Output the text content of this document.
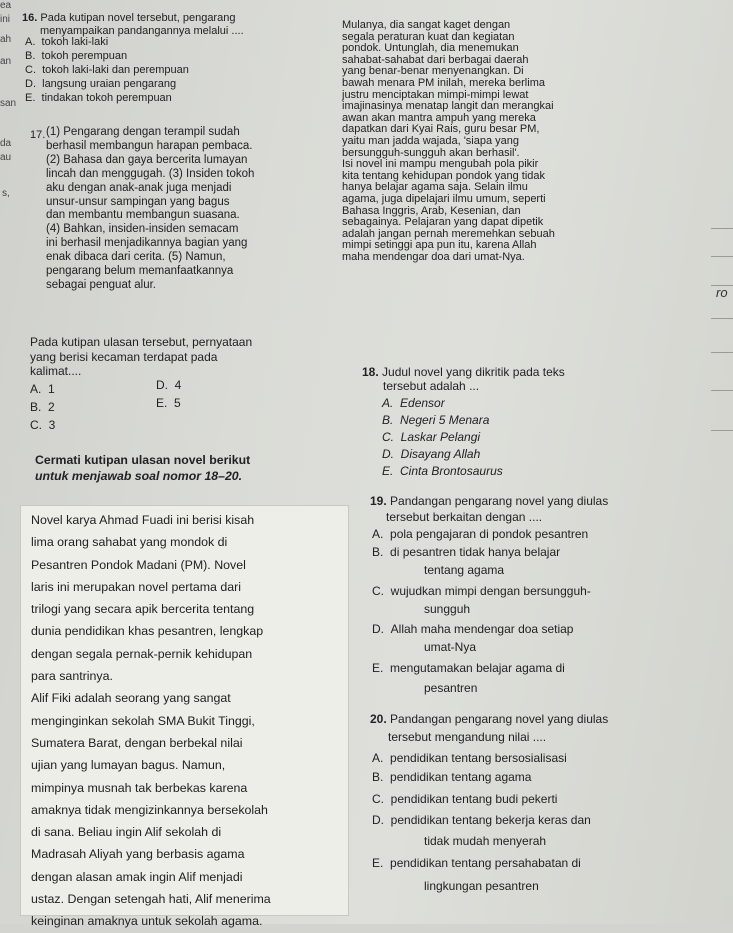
ea
ini
ah
an
san
da
au
s,
ro
16. Pada kutipan novel tersebut, pengarang
menyampaikan pandangannya melalui ....
A. tokoh laki-laki
B. tokoh perempuan
C. tokoh laki-laki dan perempuan
D. langsung uraian pengarang
E. tindakan tokoh perempuan
Mulanya, dia sangat kaget dengan
segala peraturan kuat dan kegiatan
pondok. Untunglah, dia menemukan
sahabat-sahabat dari berbagai daerah
yang benar-benar menyenangkan. Di
bawah menara PM inilah, mereka berlima
justru menciptakan mimpi-mimpi lewat
imajinasinya menatap langit dan merangkai
awan akan mantra ampuh yang mereka
dapatkan dari Kyai Rais, guru besar PM,
yaitu man jadda wajada, 'siapa yang
bersungguh-sungguh akan berhasil'.
Isi novel ini mampu mengubah pola pikir
kita tentang kehidupan pondok yang tidak
hanya belajar agama saja. Selain ilmu
agama, juga dipelajari ilmu umum, seperti
Bahasa Inggris, Arab, Kesenian, dan
sebagainya. Pelajaran yang dapat dipetik
adalah jangan pernah meremehkan sebuah
mimpi setinggi apa pun itu, karena Allah
maha mendengar doa dari umat-Nya.
17. (1) Pengarang dengan terampil sudah
berhasil membangun harapan pembaca.
(2) Bahasa dan gaya bercerita lumayan
lincah dan menggugah. (3) Insiden tokoh
aku dengan anak-anak juga menjadi
unsur-unsur sampingan yang bagus
dan membantu membangun suasana.
(4) Bahkan, insiden-insiden semacam
ini berhasil menjadikannya bagian yang
enak dibaca dari cerita. (5) Namun,
pengarang belum memanfaatkannya
sebagai penguat alur.
Pada kutipan ulasan tersebut, pernyataan
yang berisi kecaman terdapat pada
kalimat....
A. 1
B. 2
C. 3
D. 4
E. 5
Cermati kutipan ulasan novel berikut
untuk menjawab soal nomor 18–20.
Novel karya Ahmad Fuadi ini berisi kisah
lima orang sahabat yang mondok di
Pesantren Pondok Madani (PM). Novel
laris ini merupakan novel pertama dari
trilogi yang secara apik bercerita tentang
dunia pendidikan khas pesantren, lengkap
dengan segala pernak-pernik kehidupan
para santrinya.
Alif Fiki adalah seorang yang sangat
menginginkan sekolah SMA Bukit Tinggi,
Sumatera Barat, dengan berbekal nilai
ujian yang lumayan bagus. Namun,
mimpinya musnah tak berbekas karena
amaknya tidak mengizinkannya bersekolah
di sana. Beliau ingin Alif sekolah di
Madrasah Aliyah yang berbasis agama
dengan alasan amak ingin Alif menjadi
ustaz. Dengan setengah hati, Alif menerima
keinginan amaknya untuk sekolah agama.
18. Judul novel yang dikritik pada teks
tersebut adalah ...
A. Edensor
B. Negeri 5 Menara
C. Laskar Pelangi
D. Disayang Allah
E. Cinta Brontosaurus
19. Pandangan pengarang novel yang diulas
tersebut berkaitan dengan ....
A. pola pengajaran di pondok pesantren
B. di pesantren tidak hanya belajar
tentang agama
C. wujudkan mimpi dengan bersungguh-
sungguh
D. Allah maha mendengar doa setiap
umat-Nya
E. mengutamakan belajar agama di
pesantren
20. Pandangan pengarang novel yang diulas
tersebut mengandung nilai ....
A. pendidikan tentang bersosialisasi
B. pendidikan tentang agama
C. pendidikan tentang budi pekerti
D. pendidikan tentang bekerja keras dan
tidak mudah menyerah
E. pendidikan tentang persahabatan di
lingkungan pesantren
